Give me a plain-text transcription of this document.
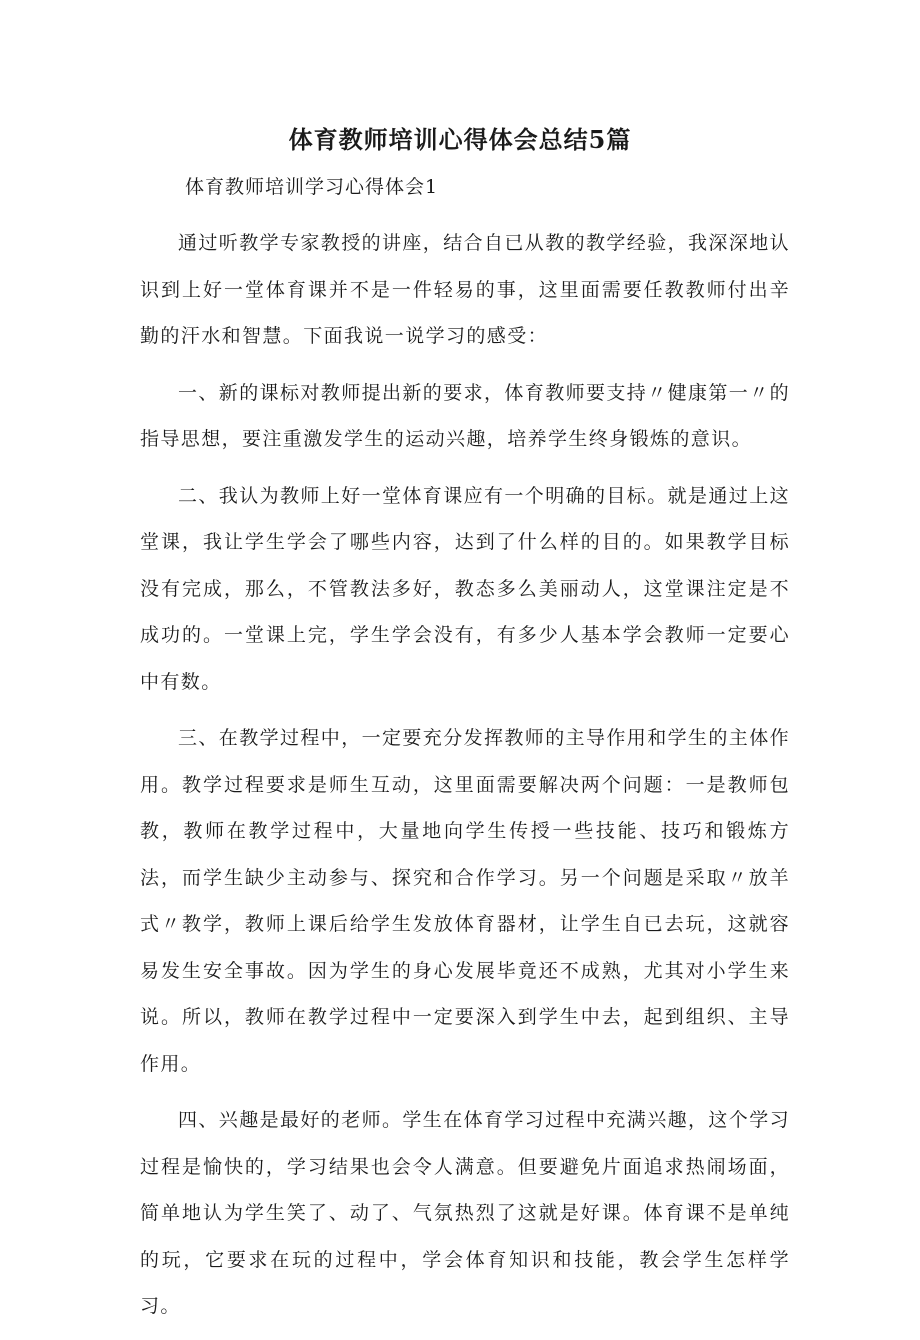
体育教师培训心得体会总结5篇

体育教师培训学习心得体会1

通过听教学专家教授的讲座，结合自已从教的教学经验，我深深地认识到上好一堂体育课并不是一件轻易的事，这里面需要任教教师付出辛勤的汗水和智慧。下面我说一说学习的感受：

一、新的课标对教师提出新的要求，体育教师要支持〃健康第一〃的指导思想，要注重激发学生的运动兴趣，培养学生终身锻炼的意识。

二、我认为教师上好一堂体育课应有一个明确的目标。就是通过上这堂课，我让学生学会了哪些内容，达到了什么样的目的。如果教学目标没有完成，那么，不管教法多好，教态多么美丽动人，这堂课注定是不成功的。一堂课上完，学生学会没有，有多少人基本学会教师一定要心中有数。

三、在教学过程中，一定要充分发挥教师的主导作用和学生的主体作用。教学过程要求是师生互动，这里面需要解决两个问题：一是教师包教，教师在教学过程中，大量地向学生传授一些技能、技巧和锻炼方法，而学生缺少主动参与、探究和合作学习。另一个问题是采取〃放羊式〃教学，教师上课后给学生发放体育器材，让学生自已去玩，这就容易发生安全事故。因为学生的身心发展毕竟还不成熟，尤其对小学生来说。所以，教师在教学过程中一定要深入到学生中去，起到组织、主导作用。

四、兴趣是最好的老师。学生在体育学习过程中充满兴趣，这个学习过程是愉快的，学习结果也会令人满意。但要避免片面追求热闹场面，简单地认为学生笑了、动了、气氛热烈了这就是好课。体育课不是单纯的玩，它要求在玩的过程中，学会体育知识和技能，教会学生怎样学习。
